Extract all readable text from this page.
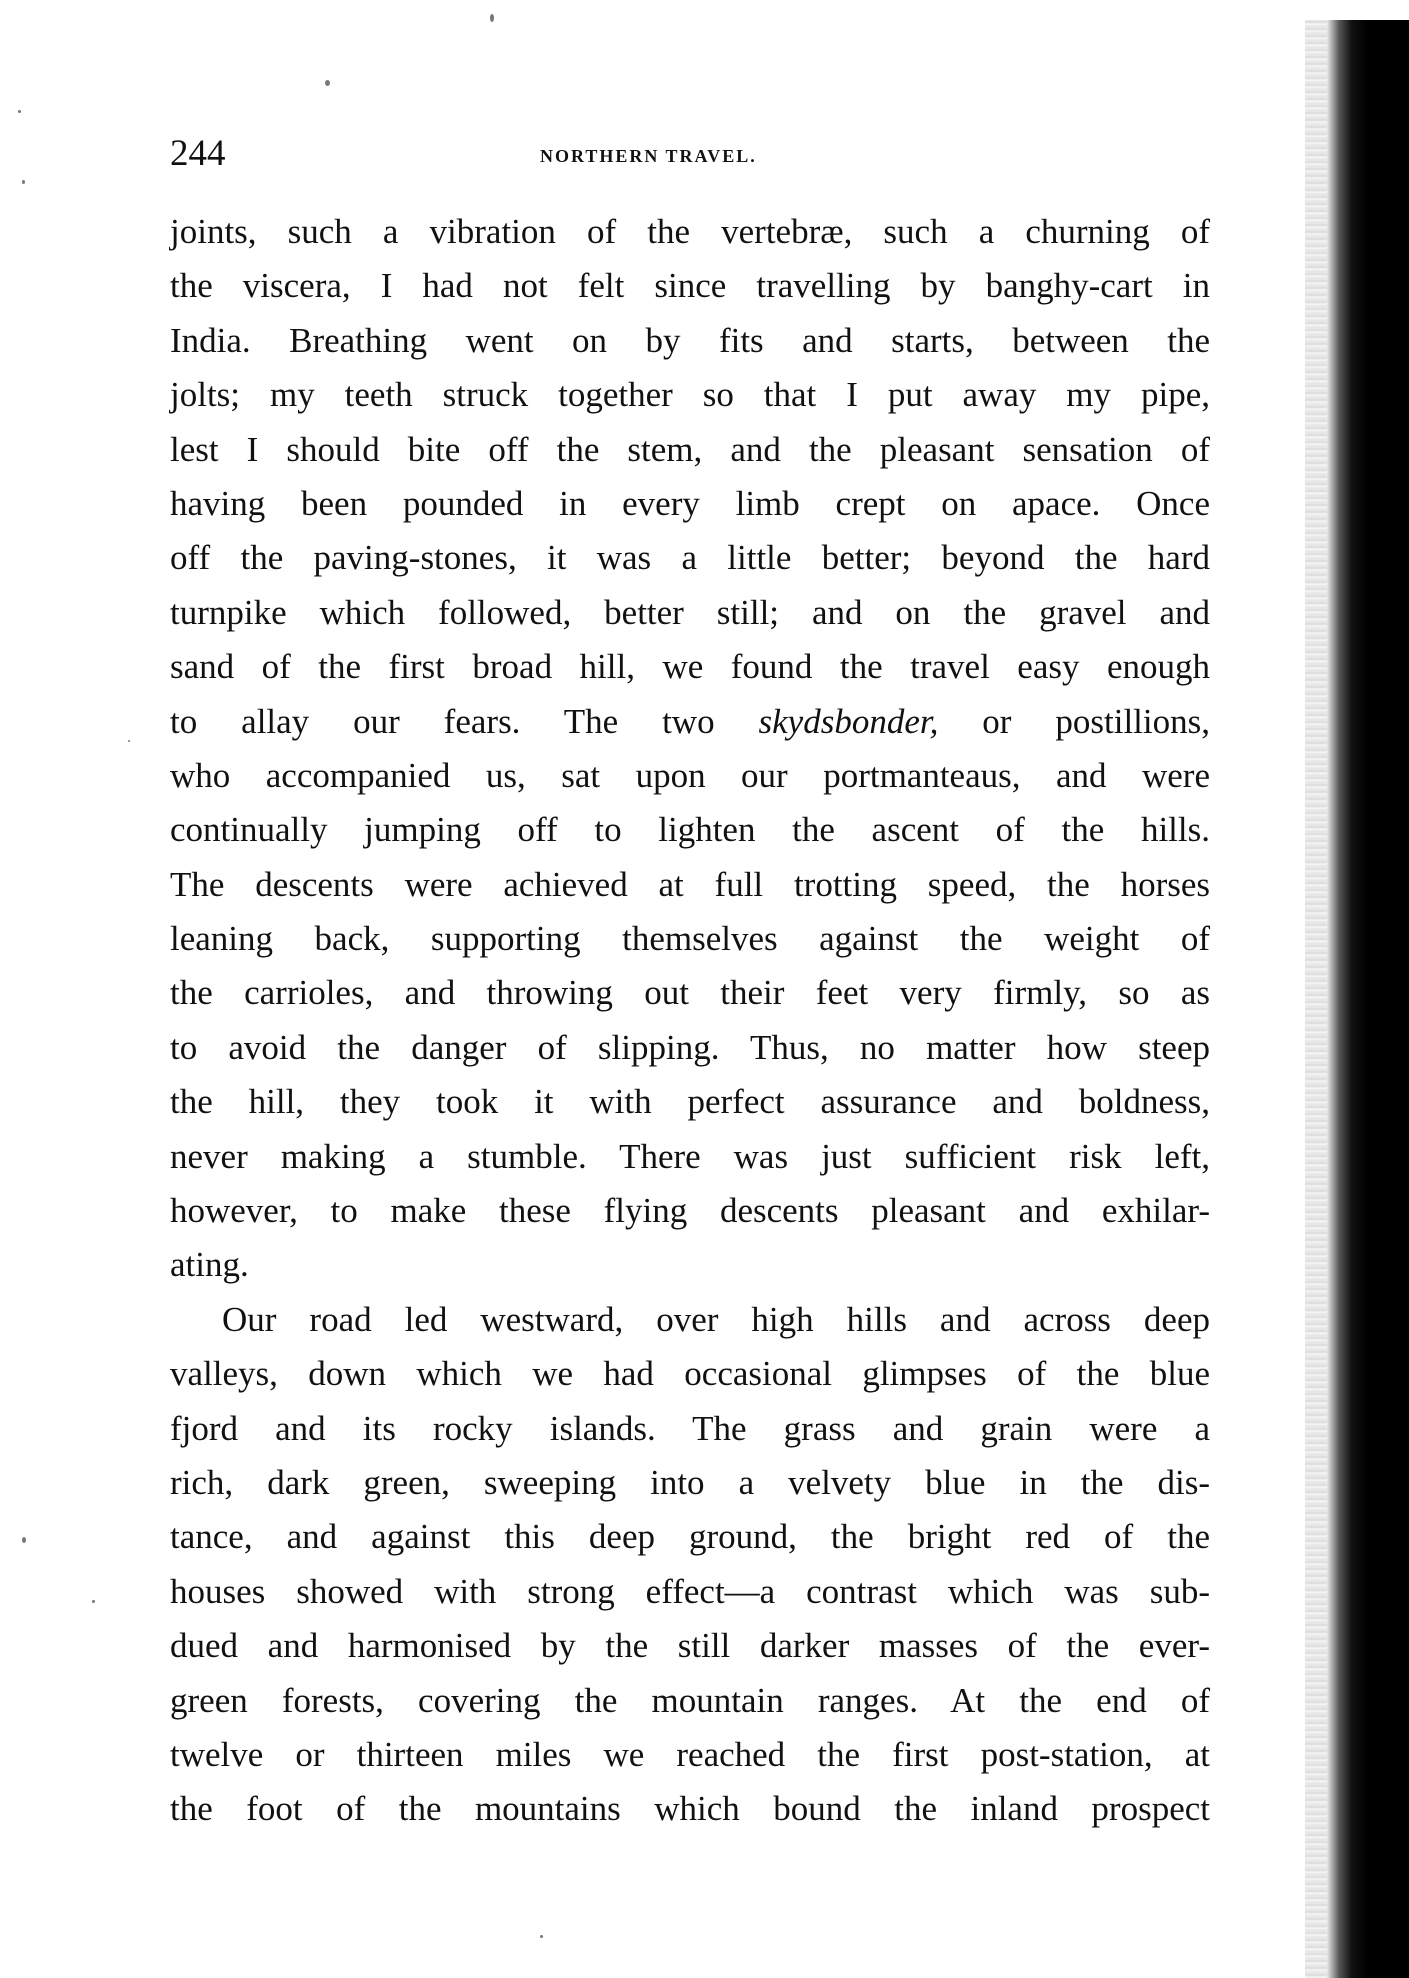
244	NORTHERN TRAVEL.
joints, such a vibration of the vertebræ, such a churning of
the viscera, I had not felt since travelling by banghy-cart in
India. Breathing went on by fits and starts, between the
jolts; my teeth struck together so that I put away my pipe,
lest I should bite off the stem, and the pleasant sensation of
having been pounded in every limb crept on apace. Once
off the paving-stones, it was a little better; beyond the hard
turnpike which followed, better still; and on the gravel and
sand of the first broad hill, we found the travel easy enough
to allay our fears. The two skydsbonder, or postillions,
who accompanied us, sat upon our portmanteaus, and were
continually jumping off to lighten the ascent of the hills.
The descents were achieved at full trotting speed, the horses
leaning back, supporting themselves against the weight of
the carrioles, and throwing out their feet very firmly, so as
to avoid the danger of slipping. Thus, no matter how steep
the hill, they took it with perfect assurance and boldness,
never making a stumble. There was just sufficient risk left,
however, to make these flying descents pleasant and exhilar-
ating.
Our road led westward, over high hills and across deep
valleys, down which we had occasional glimpses of the blue
fjord and its rocky islands. The grass and grain were a
rich, dark green, sweeping into a velvety blue in the dis-
tance, and against this deep ground, the bright red of the
houses showed with strong effect—a contrast which was sub-
dued and harmonised by the still darker masses of the ever-
green forests, covering the mountain ranges. At the end of
twelve or thirteen miles we reached the first post-station, at
the foot of the mountains which bound the inland prospect
